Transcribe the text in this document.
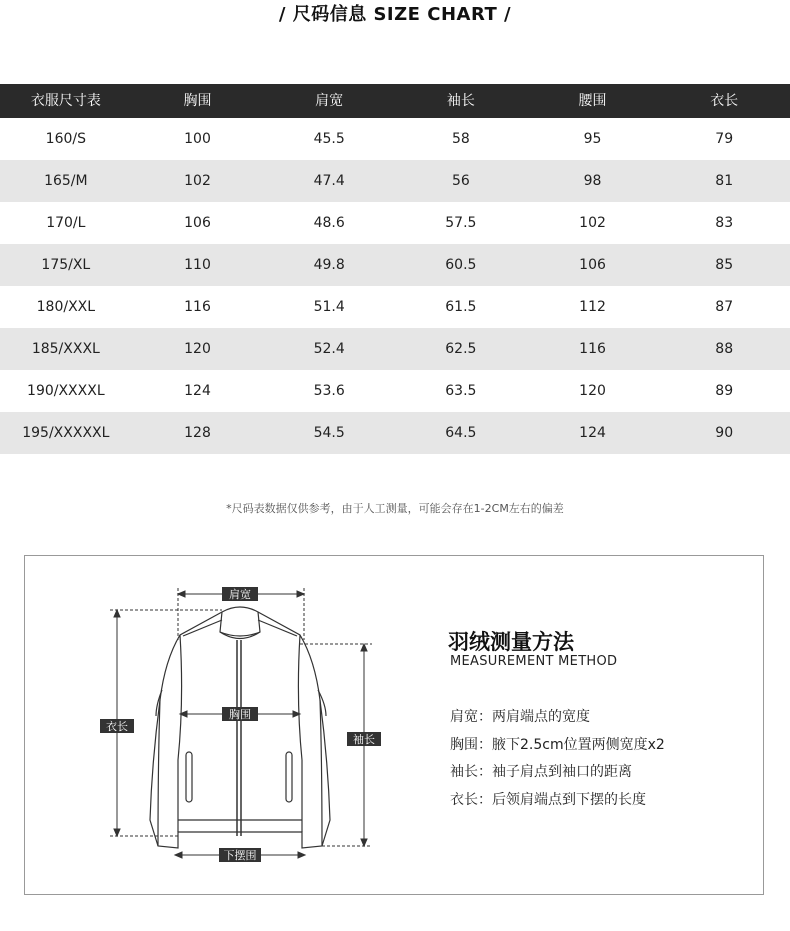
/ 尺码信息 SIZE CHART /
衣服尺寸表	胸围	肩宽	袖长	腰围	衣长
160/S	100	45.5	58	95	79
165/M	102	47.4	56	98	81
170/L	106	48.6	57.5	102	83
175/XL	110	49.8	60.5	106	85
180/XXL	116	51.4	61.5	112	87
185/XXXL	120	52.4	62.5	116	88
190/XXXXL	124	53.6	63.5	120	89
195/XXXXXL	128	54.5	64.5	124	90
*尺码表数据仅供参考，由于人工测量，可能会存在1-2CM左右的偏差
肩宽
胸围
衣长
袖长
下摆围
羽绒测量方法
MEASUREMENT METHOD
肩宽：两肩端点的宽度
胸围：腋下2.5cm位置两侧宽度x2
袖长：袖子肩点到袖口的距离
衣长：后领肩端点到下摆的长度
